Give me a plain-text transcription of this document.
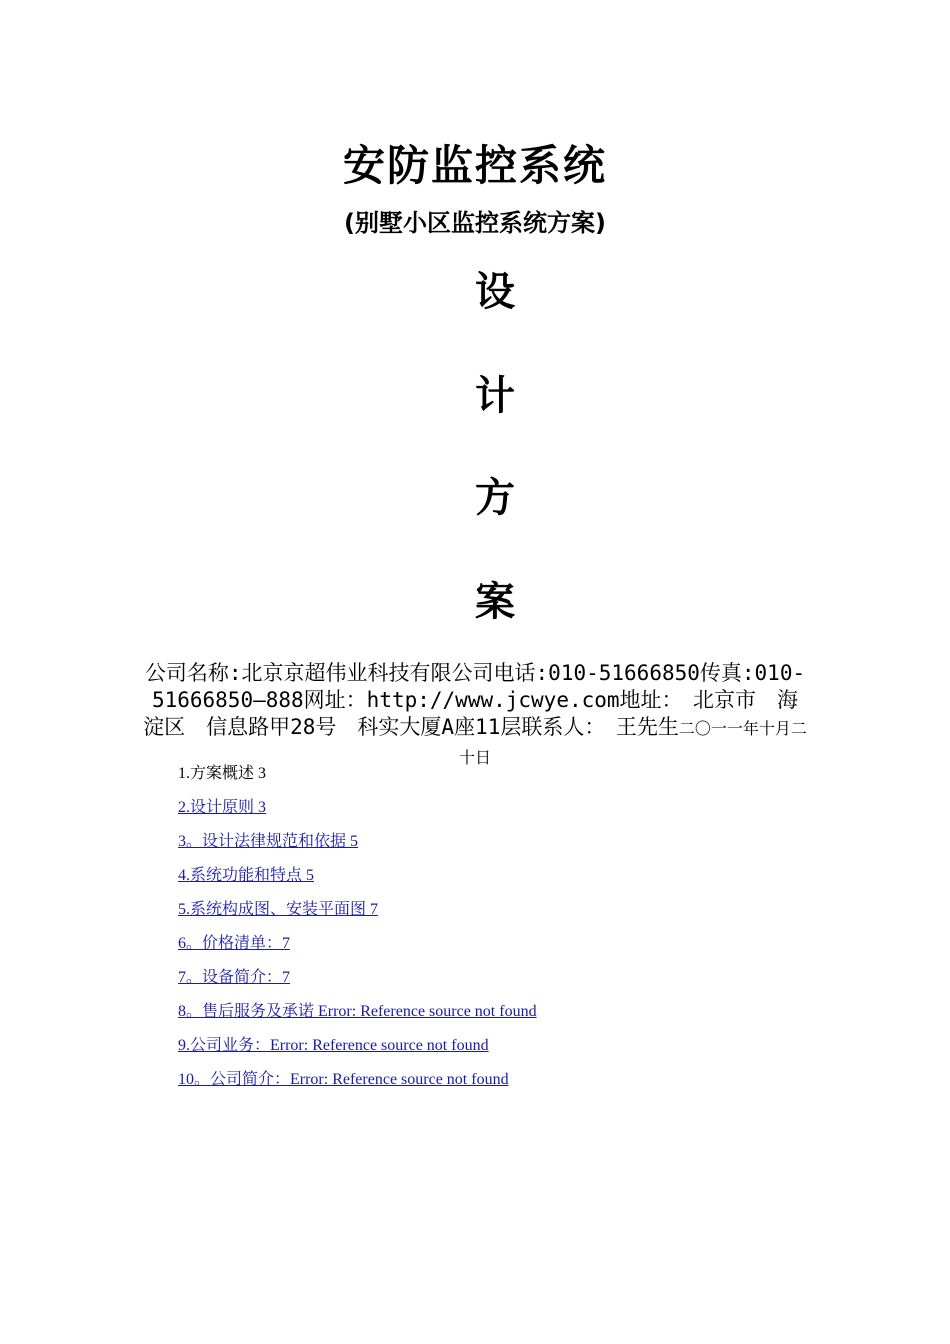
安防监控系统
(别墅小区监控系统方案)
设
计
方
案

公司名称:北京京超伟业科技有限公司电话:010-51666850传真:010-51666850—888网址：http://www.jcwye.com地址：　北京市　海淀区　信息路甲28号　科实大厦A座11层联系人：　王先生二〇一一年十月二十日

1.方案概述 3
2.设计原则 3
3。设计法律规范和依据 5
4.系统功能和特点 5
5.系统构成图、安装平面图 7
6。价格清单：7
7。设备简介：7
8。售后服务及承诺 Error: Reference source not found
9.公司业务：Error: Reference source not found
10。公司简介：Error: Reference source not found
